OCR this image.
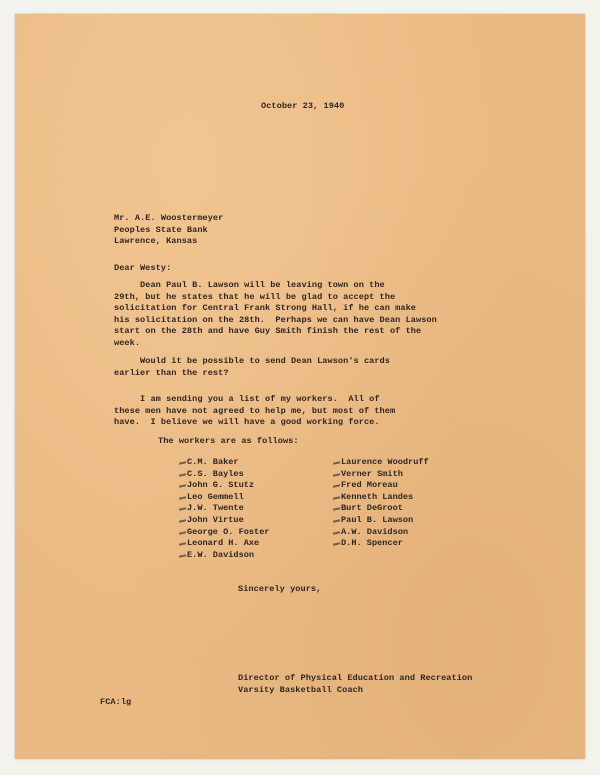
October 23, 1940
Mr. A.E. Woostermeyer
Peoples State Bank
Lawrence, Kansas
Dear Westy:
Dean Paul B. Lawson will be leaving town on the
29th, but he states that he will be glad to accept the
solicitation for Central Frank Strong Hall, if he can make
his solicitation on the 28th.  Perhaps we can have Dean Lawson
start on the 28th and have Guy Smith finish the rest of the
week.
Would it be possible to send Dean Lawson's cards
earlier than the rest?
I am sending you a list of my workers.  All of
these men have not agreed to help me, but most of them
have.  I believe we will have a good working force.
The workers are as follows:
C.M. Baker
C.S. Bayles
John G. Stutz
Leo Gemmell
J.W. Twente
John Virtue
George O. Foster
Leonard H. Axe
E.W. Davidson
Laurence Woodruff
Verner Smith
Fred Moreau
Kenneth Landes
Burt DeGroot
Paul B. Lawson
A.W. Davidson
D.H. Spencer
Sincerely yours,
Director of Physical Education and Recreation
Varsity Basketball Coach
FCA:lg
